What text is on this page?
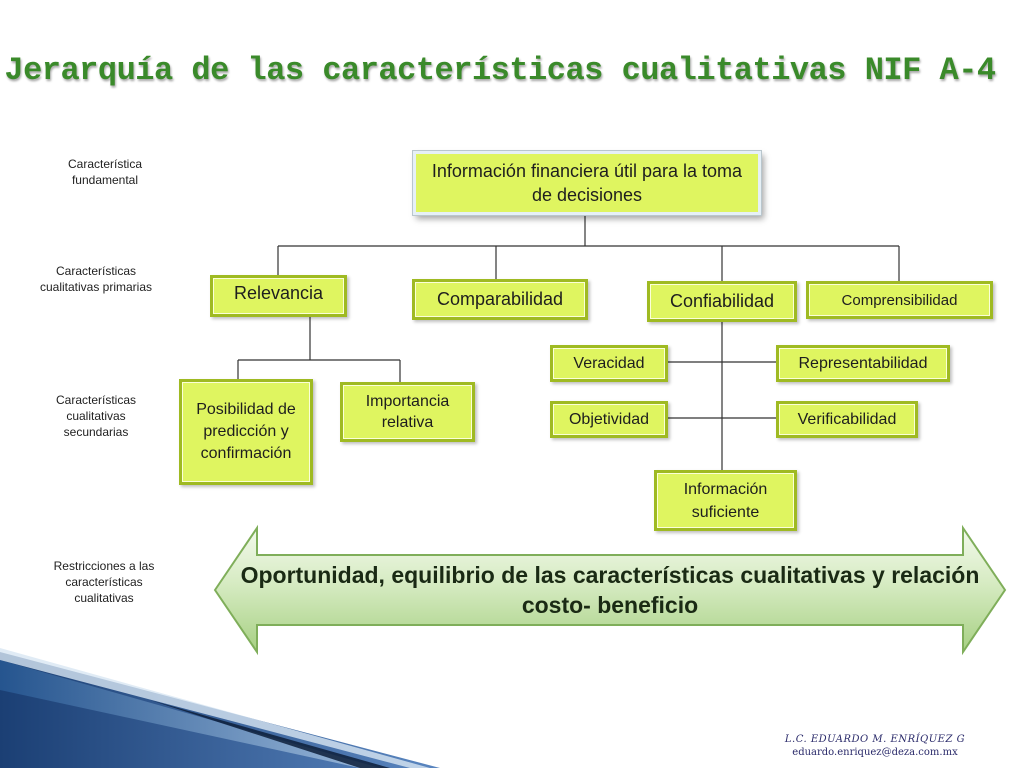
Jerarquía de las características cualitativas NIF A-4
Característica fundamental
Características cualitativas primarias
Características cualitativas secundarias
Restricciones a las características cualitativas
Información financiera útil para la toma de decisiones
Relevancia	Comparabilidad	Confiabilidad	Comprensibilidad
Posibilidad de predicción y confirmación
Importancia relativa
Veracidad	Representabilidad
Objetividad	Verificabilidad
Información suficiente
Oportunidad, equilibrio de las características cualitativas y relación costo- beneficio
L.C. EDUARDO M. ENRÍQUEZ G
eduardo.enriquez@deza.com.mx
